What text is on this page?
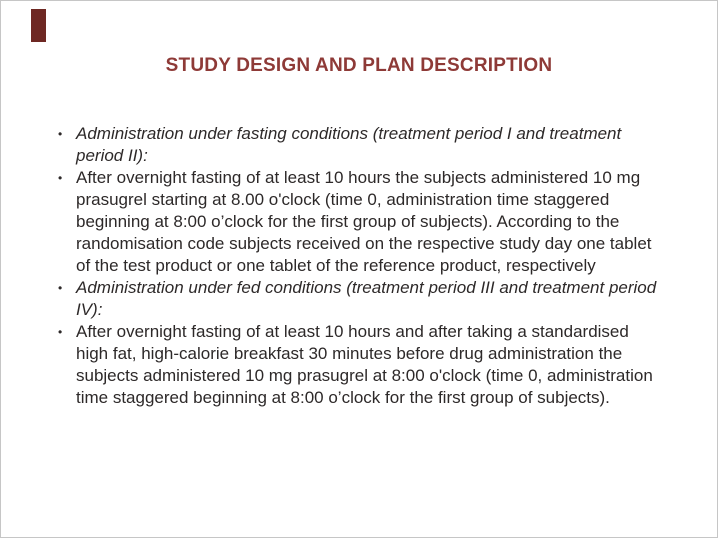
STUDY DESIGN AND PLAN DESCRIPTION
• Administration under fasting conditions (treatment period I and treatment period II):
• After overnight fasting of at least 10 hours the subjects administered 10 mg prasugrel starting at 8.00 o'clock (time 0, administration time staggered beginning at 8:00 o’clock for the first group of subjects). According to the randomisation code subjects received on the respective study day one tablet of the test product or one tablet of the reference product, respectively
• Administration under fed conditions (treatment period III and treatment period IV):
• After overnight fasting of at least 10 hours and after taking a standardised high fat, high-calorie breakfast 30 minutes before drug administration the subjects administered 10 mg prasugrel at 8:00 o'clock (time 0, administration time staggered beginning at 8:00 o’clock for the first group of subjects).
